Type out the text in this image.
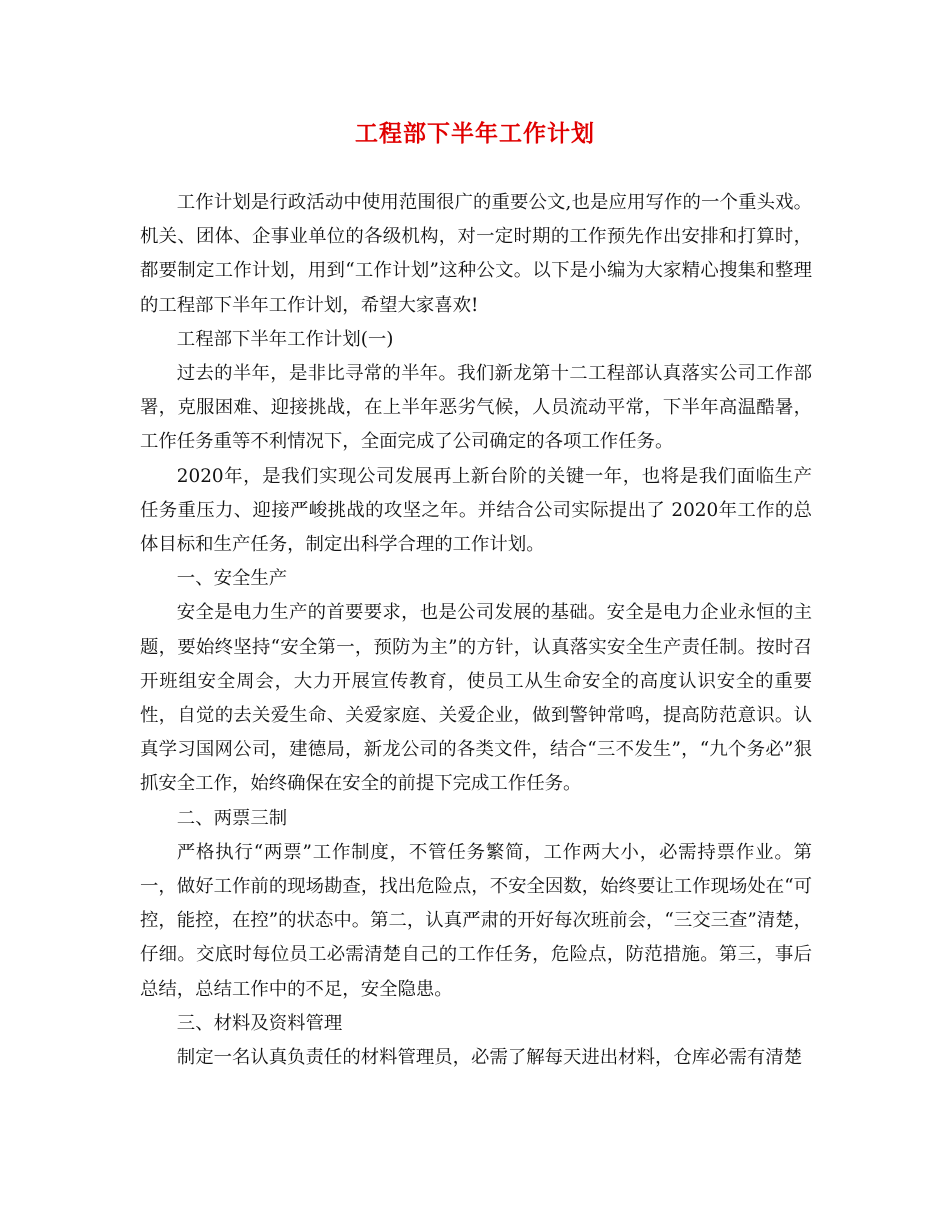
工程部下半年工作计划

工作计划是行政活动中使用范围很广的重要公文,也是应用写作的一个重头戏。机关、团体、企事业单位的各级机构，对一定时期的工作预先作出安排和打算时，都要制定工作计划，用到“工作计划”这种公文。以下是小编为大家精心搜集和整理的工程部下半年工作计划，希望大家喜欢!

工程部下半年工作计划(一)

过去的半年，是非比寻常的半年。我们新龙第十二工程部认真落实公司工作部署，克服困难、迎接挑战，在上半年恶劣气候，人员流动平常，下半年高温酷暑，工作任务重等不利情况下，全面完成了公司确定的各项工作任务。

2020年，是我们实现公司发展再上新台阶的关键一年，也将是我们面临生产任务重压力、迎接严峻挑战的攻坚之年。并结合公司实际提出了 2020年工作的总体目标和生产任务，制定出科学合理的工作计划。

一、安全生产

安全是电力生产的首要要求，也是公司发展的基础。安全是电力企业永恒的主题，要始终坚持“安全第一，预防为主”的方针，认真落实安全生产责任制。按时召开班组安全周会，大力开展宣传教育，使员工从生命安全的高度认识安全的重要性，自觉的去关爱生命、关爱家庭、关爱企业，做到警钟常鸣，提高防范意识。认真学习国网公司，建德局，新龙公司的各类文件，结合“三不发生”，“九个务必”狠抓安全工作，始终确保在安全的前提下完成工作任务。

二、两票三制

严格执行“两票”工作制度，不管任务繁简，工作两大小，必需持票作业。第一，做好工作前的现场勘查，找出危险点，不安全因数，始终要让工作现场处在“可控，能控，在控”的状态中。第二，认真严肃的开好每次班前会，“三交三查”清楚，仔细。交底时每位员工必需清楚自己的工作任务，危险点，防范措施。第三，事后总结，总结工作中的不足，安全隐患。

三、材料及资料管理

制定一名认真负责任的材料管理员，必需了解每天进出材料，仓库必需有清楚
